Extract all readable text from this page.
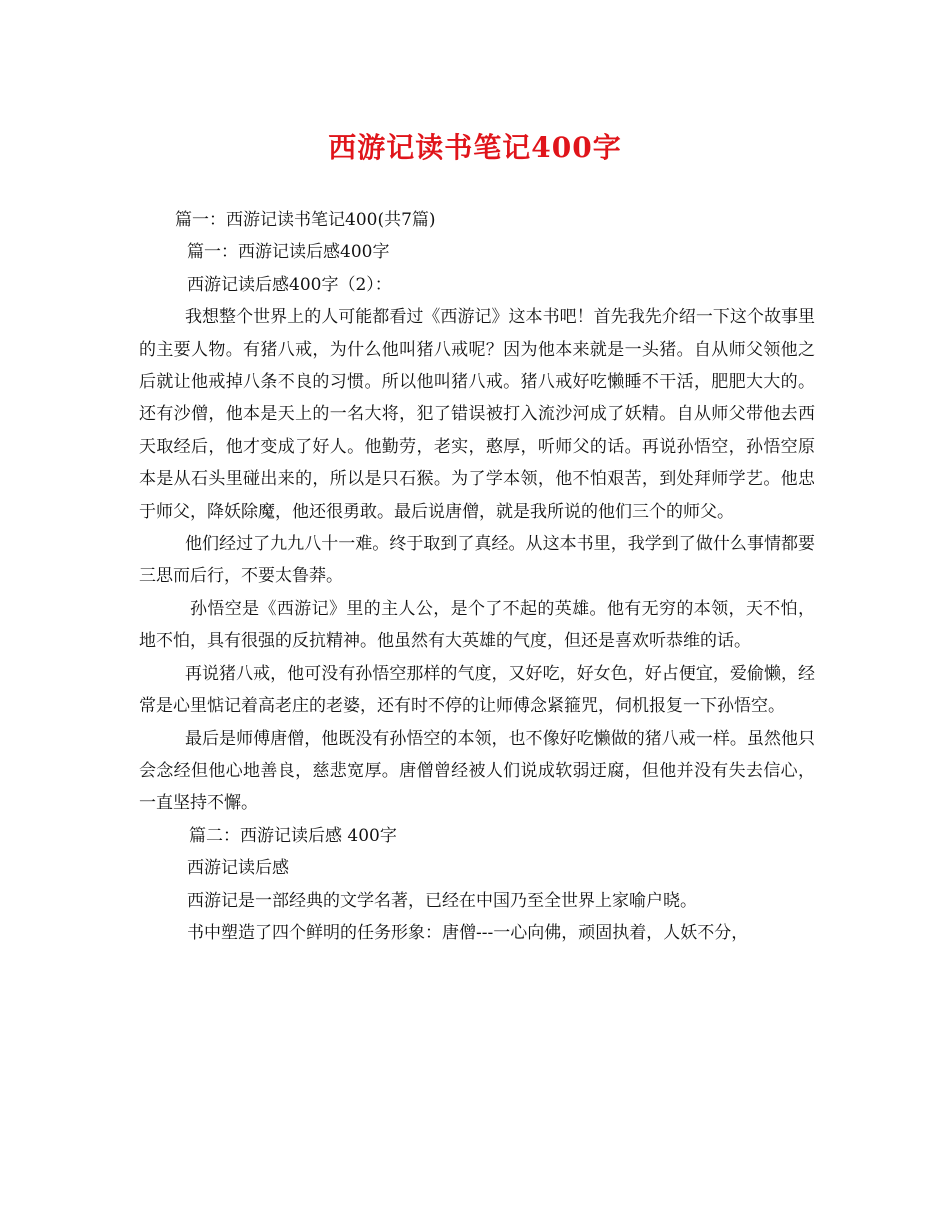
西游记读书笔记400字

篇一：西游记读书笔记400(共7篇)

篇一：西游记读后感400字

西游记读后感400字（2）：

我想整个世界上的人可能都看过《西游记》这本书吧！首先我先介绍一下这个故事里的主要人物。有猪八戒，为什么他叫猪八戒呢？因为他本来就是一头猪。自从师父领他之后就让他戒掉八条不良的习惯。所以他叫猪八戒。猪八戒好吃懒睡不干活，肥肥大大的。还有沙僧，他本是天上的一名大将，犯了错误被打入流沙河成了妖精。自从师父带他去西天取经后，他才变成了好人。他勤劳，老实，憨厚，听师父的话。再说孙悟空，孙悟空原本是从石头里碰出来的，所以是只石猴。为了学本领，他不怕艰苦，到处拜师学艺。他忠于师父，降妖除魔，他还很勇敢。最后说唐僧，就是我所说的他们三个的师父。

他们经过了九九八十一难。终于取到了真经。从这本书里，我学到了做什么事情都要三思而后行，不要太鲁莽。

孙悟空是《西游记》里的主人公，是个了不起的英雄。他有无穷的本领，天不怕，地不怕，具有很强的反抗精神。他虽然有大英雄的气度，但还是喜欢听恭维的话。

再说猪八戒，他可没有孙悟空那样的气度，又好吃，好女色，好占便宜，爱偷懒，经常是心里惦记着高老庄的老婆，还有时不停的让师傅念紧箍咒，伺机报复一下孙悟空。

最后是师傅唐僧，他既没有孙悟空的本领，也不像好吃懒做的猪八戒一样。虽然他只会念经但他心地善良，慈悲宽厚。唐僧曾经被人们说成软弱迂腐，但他并没有失去信心，一直坚持不懈。

篇二：西游记读后感 400字

西游记读后感

西游记是一部经典的文学名著，已经在中国乃至全世界上家喻户晓。

书中塑造了四个鲜明的任务形象：唐僧---一心向佛，顽固执着，人妖不分，
